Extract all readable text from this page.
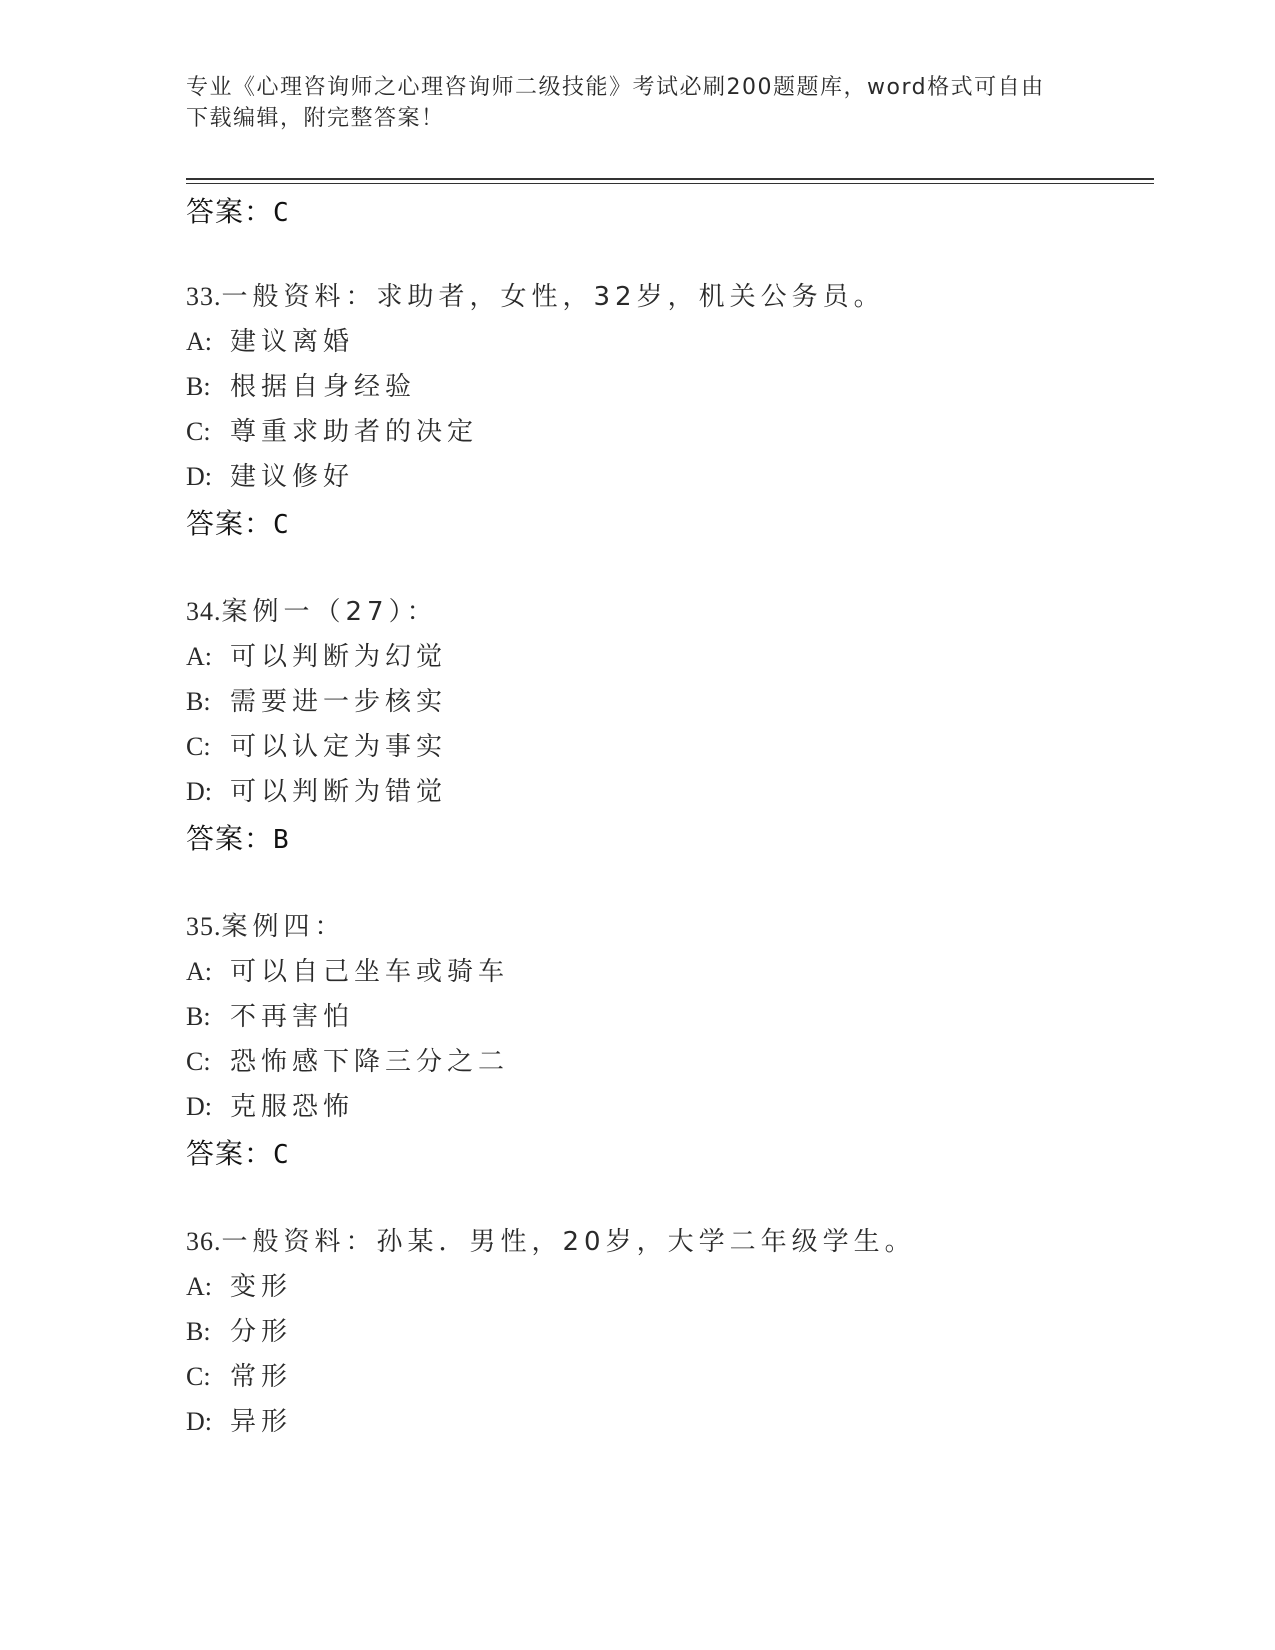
专业《心理咨询师之心理咨询师二级技能》考试必刷200题题库，word格式可自由下载编辑，附完整答案！
答案：C
33.一般资料：求助者，女性，32岁，机关公务员。
A: 建议离婚
B: 根据自身经验
C: 尊重求助者的决定
D: 建议修好
答案：C
34.案例一（27）：
A: 可以判断为幻觉
B: 需要进一步核实
C: 可以认定为事实
D: 可以判断为错觉
答案：B
35.案例四：
A: 可以自己坐车或骑车
B: 不再害怕
C: 恐怖感下降三分之二
D: 克服恐怖
答案：C
36.一般资料：孙某．男性，20岁，大学二年级学生。
A: 变形
B: 分形
C: 常形
D: 异形
